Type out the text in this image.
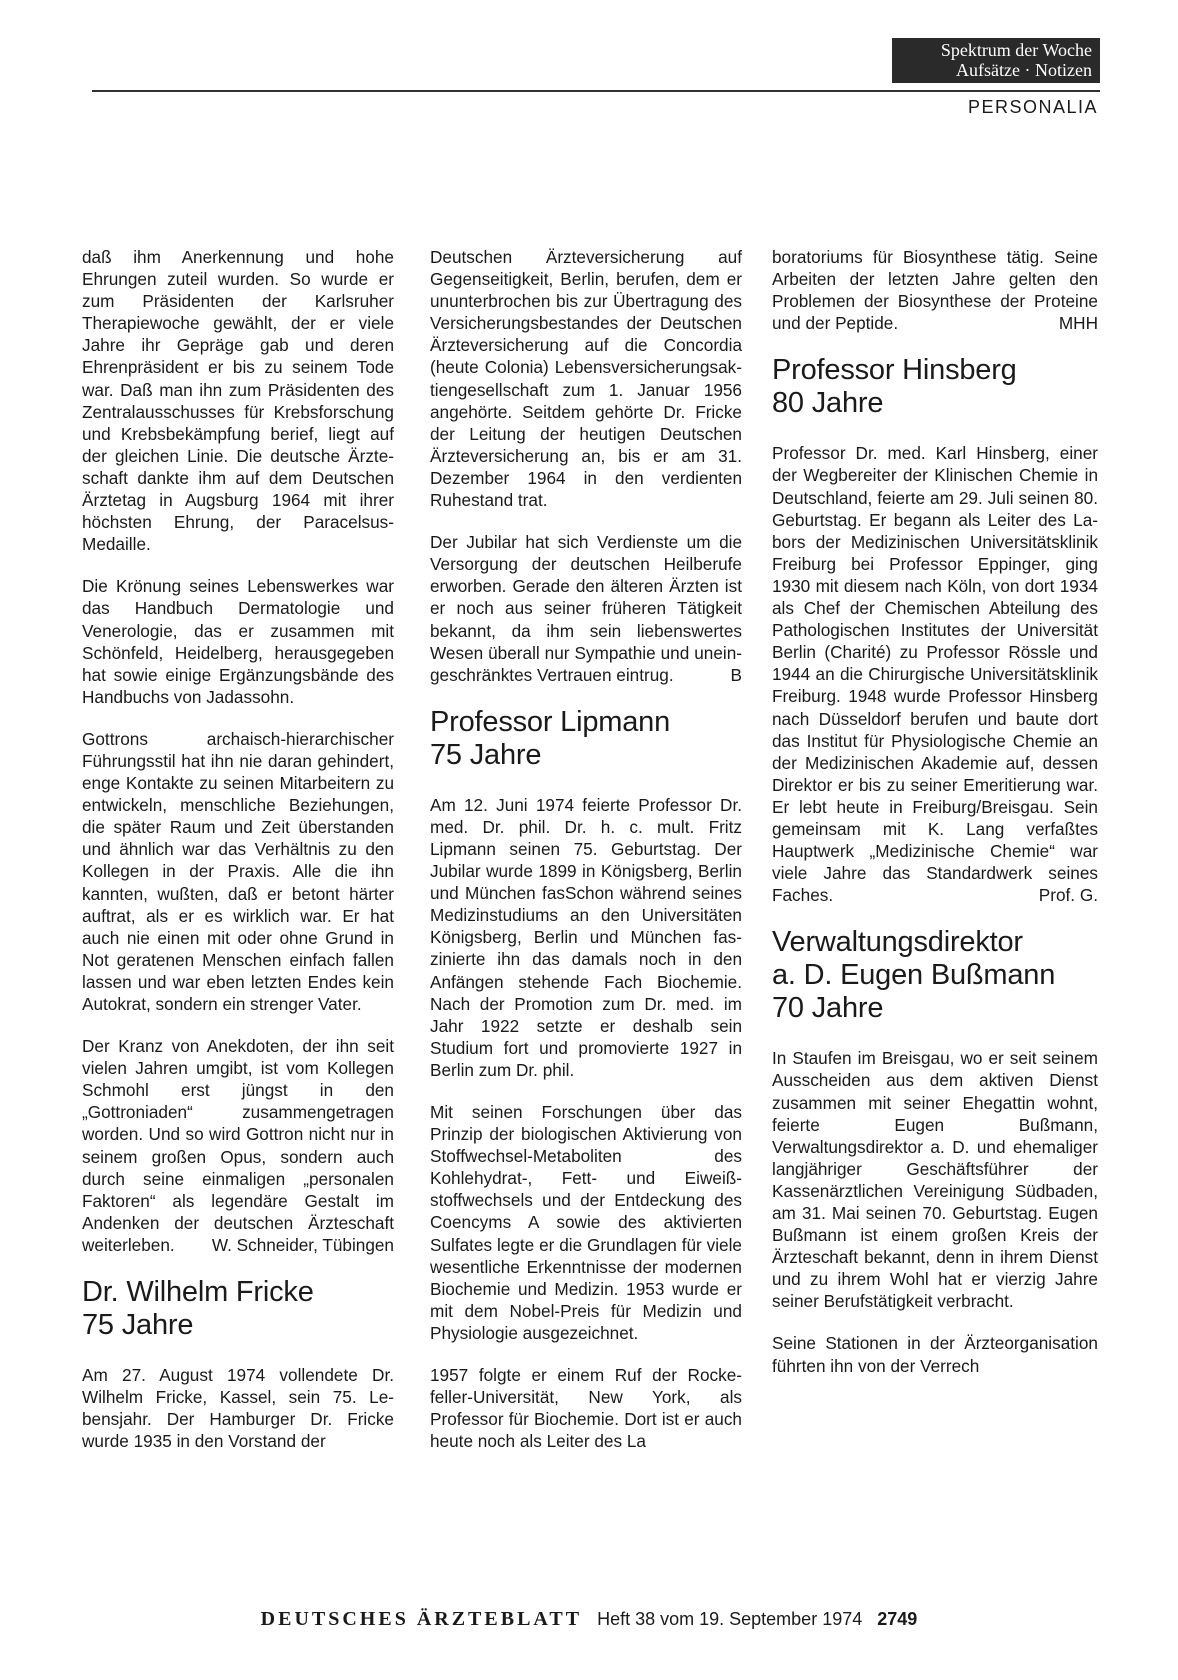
Spektrum der Woche
Aufsätze · Notizen
PERSONALIA

daß ihm Anerkennung und hohe Ehrungen zuteil wurden. So wurde er zum Präsidenten der Karlsruher Therapiewoche gewählt, der er viele Jahre ihr Gepräge gab und deren Ehrenpräsident er bis zu seinem Tode war. Daß man ihn zum Präsidenten des Zentralausschusses für Krebsforschung und Krebsbekämpfung berief, liegt auf der gleichen Linie. Die deutsche Ärzteschaft dankte ihm auf dem Deutschen Ärztetag in Augsburg 1964 mit ihrer höchsten Ehrung, der Paracelsus-Medaille.

Die Krönung seines Lebenswerkes war das Handbuch Dermatologie und Venerologie, das er zusammen mit Schönfeld, Heidelberg, herausgegeben hat sowie einige Ergänzungsbände des Handbuchs von Jadassohn.

Gottrons archaisch-hierarchischer Führungsstil hat ihn nie daran gehindert, enge Kontakte zu seinen Mitarbeitern zu entwickeln, menschliche Beziehungen, die später Raum und Zeit überstanden und ähnlich war das Verhältnis zu den Kollegen in der Praxis. Alle die ihn kannten, wußten, daß er betont härter auftrat, als er es wirklich war. Er hat auch nie einen mit oder ohne Grund in Not geratenen Menschen einfach fallen lassen und war eben letzten Endes kein Autokrat, sondern ein strenger Vater.

Der Kranz von Anekdoten, der ihn seit vielen Jahren umgibt, ist vom Kollegen Schmohl erst jüngst in den „Gottroniaden“ zusammengetragen worden. Und so wird Gottron nicht nur in seinem großen Opus, sondern auch durch seine einmaligen „personalen Faktoren“ als legendäre Gestalt im Andenken der deutschen Ärzteschaft weiterleben. W. Schneider, Tübingen

Dr. Wilhelm Fricke
75 Jahre

Am 27. August 1974 vollendete Dr. Wilhelm Fricke, Kassel, sein 75. Lebensjahr. Der Hamburger Dr. Fricke wurde 1935 in den Vorstand der

Deutschen Ärzteversicherung auf Gegenseitigkeit, Berlin, berufen, dem er ununterbrochen bis zur Übertragung des Versicherungsbestandes der Deutschen Ärzteversicherung auf die Concordia (heute Colonia) Lebensversicherungsaktiengesellschaft zum 1. Januar 1956 angehörte. Seitdem gehörte Dr. Fricke der Leitung der heutigen Deutschen Ärzteversicherung an, bis er am 31. Dezember 1964 in den verdienten Ruhestand trat.

Der Jubilar hat sich Verdienste um die Versorgung der deutschen Heilberufe erworben. Gerade den älteren Ärzten ist er noch aus seiner früheren Tätigkeit bekannt, da ihm sein liebenswertes Wesen überall nur Sympathie und uneingeschränktes Vertrauen eintrug.	B

Professor Lipmann
75 Jahre

Am 12. Juni 1974 feierte Professor Dr. med. Dr. phil. Dr. h. c. mult. Fritz Lipmann seinen 75. Geburtstag. Der Jubilar wurde 1899 in Königsberg, Berlin und München fasSchon während seines Medizinstudiums an den Universitäten Königsberg, Berlin und München faszinierte ihn das damals noch in den Anfängen stehende Fach Biochemie. Nach der Promotion zum Dr. med. im Jahr 1922 setzte er deshalb sein Studium fort und promovierte 1927 in Berlin zum Dr. phil.

Mit seinen Forschungen über das Prinzip der biologischen Aktivierung von Stoffwechsel-Metaboliten des Kohlehydrat-, Fett- und Eiweißstoffwechsels und der Entdeckung des Coencyms A sowie des aktivierten Sulfates legte er die Grundlagen für viele wesentliche Erkenntnisse der modernen Biochemie und Medizin. 1953 wurde er mit dem Nobel-Preis für Medizin und Physiologie ausgezeichnet.

1957 folgte er einem Ruf der Rockefeller-Universität, New York, als Professor für Biochemie. Dort ist er auch heute noch als Leiter des La

boratoriums für Biosynthese tätig. Seine Arbeiten der letzten Jahre gelten den Problemen der Biosynthese der Proteine und der Peptide.	MHH

Professor Hinsberg
80 Jahre

Professor Dr. med. Karl Hinsberg, einer der Wegbereiter der Klinischen Chemie in Deutschland, feierte am 29. Juli seinen 80. Geburtstag. Er begann als Leiter des Labors der Medizinischen Universitätsklinik Freiburg bei Professor Eppinger, ging 1930 mit diesem nach Köln, von dort 1934 als Chef der Chemischen Abteilung des Pathologischen Institutes der Universität Berlin (Charité) zu Professor Rössle und 1944 an die Chirurgische Universitätsklinik Freiburg. 1948 wurde Professor Hinsberg nach Düsseldorf berufen und baute dort das Institut für Physiologische Chemie an der Medizinischen Akademie auf, dessen Direktor er bis zu seiner Emeritierung war. Er lebt heute in Freiburg/Breisgau. Sein gemeinsam mit K. Lang verfaßtes Hauptwerk „Medizinische Chemie“ war viele Jahre das Standardwerk seines Faches.	Prof. G.

Verwaltungsdirektor
a. D. Eugen Bußmann
70 Jahre

In Staufen im Breisgau, wo er seit seinem Ausscheiden aus dem aktiven Dienst zusammen mit seiner Ehegattin wohnt, feierte Eugen Bußmann, Verwaltungsdirektor a. D. und ehemaliger langjähriger Geschäftsführer der Kassenärztlichen Vereinigung Südbaden, am 31. Mai seinen 70. Geburtstag. Eugen Bußmann ist einem großen Kreis der Ärzteschaft bekannt, denn in ihrem Dienst und zu ihrem Wohl hat er vierzig Jahre seiner Berufstätigkeit verbracht.

Seine Stationen in der Ärzteorganisation führten ihn von der Verrech

DEUTSCHES ÄRZTEBLATT Heft 38 vom 19. September 1974 2749
